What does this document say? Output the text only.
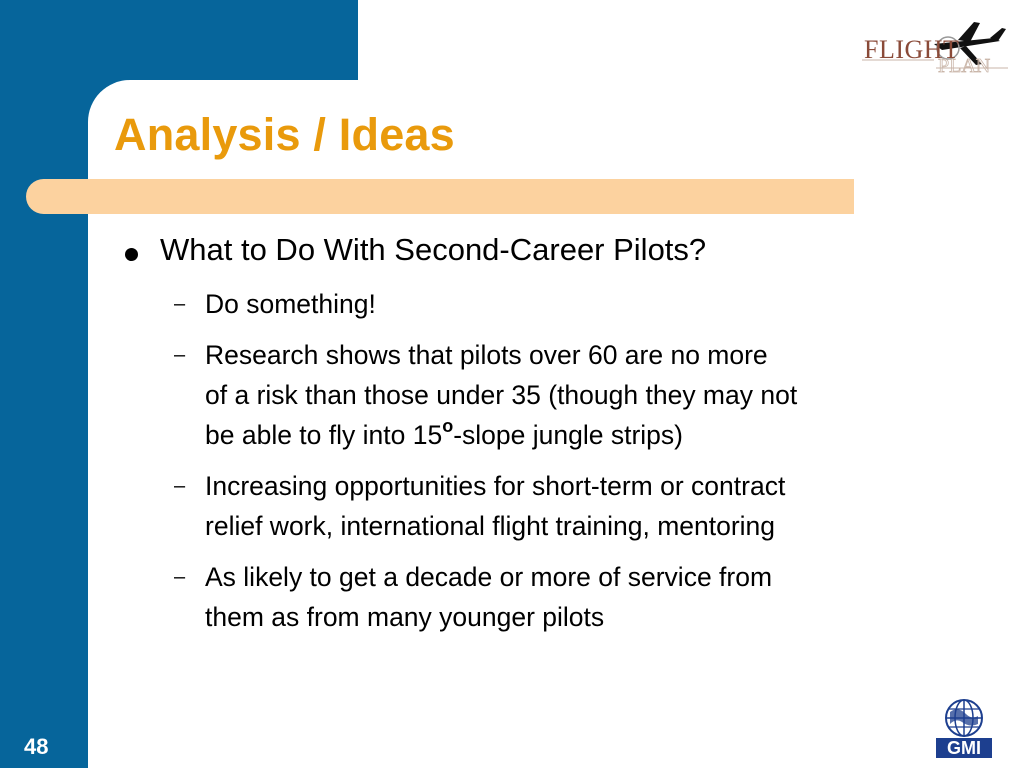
Analysis / Ideas
FLIGHT
PLAN
What to Do With Second-Career Pilots?
– Do something!
– Research shows that pilots over 60 are no more
of a risk than those under 35 (though they may not
be able to fly into 15$^o$-slope jungle strips)
– Increasing opportunities for short-term or contract
relief work, international flight training, mentoring
– As likely to get a decade or more of service from
them as from many younger pilots
48	GMI
